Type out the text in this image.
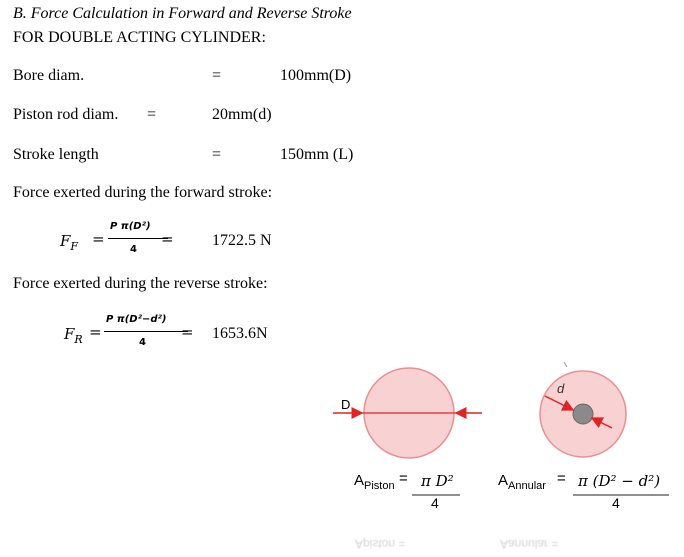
B. Force Calculation in Forward and Reverse Stroke
FOR DOUBLE ACTING CYLINDER:
Bore diam.	=	100mm(D)
Piston rod diam. =	20mm(d)
Stroke length	=	150mm (L)
Force exerted during the forward stroke:
$F_F$ =
P π(D²)
4
= 1722.5 N
Force exerted during the reverse stroke:
$F_R$ =
P π(D²−d²)
4
= 1653.6N
D
d
$A_{Piston} = \pi$ D²
4
$A_{Annular} = \pi$ (D² − d²)
4
Apiston =	Aannular =
